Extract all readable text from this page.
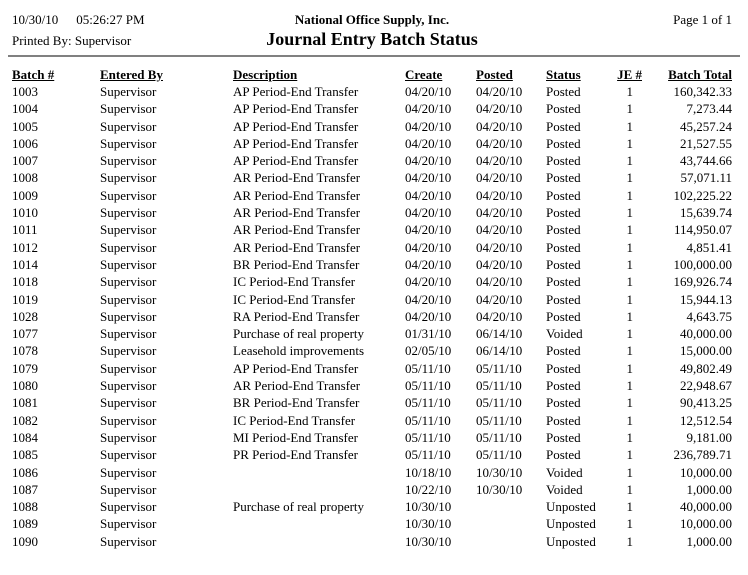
10/30/10 05:26:27 PM	National Office Supply, Inc.	Page 1 of 1
Printed By: Supervisor	Journal Entry Batch Status
Batch #	Entered By	Description	Create	Posted	Status	JE #	Batch Total
1003	Supervisor	AP Period-End Transfer	04/20/10	04/20/10	Posted	1	160,342.33
1004	Supervisor	AP Period-End Transfer	04/20/10	04/20/10	Posted	1	7,273.44
1005	Supervisor	AP Period-End Transfer	04/20/10	04/20/10	Posted	1	45,257.24
1006	Supervisor	AP Period-End Transfer	04/20/10	04/20/10	Posted	1	21,527.55
1007	Supervisor	AP Period-End Transfer	04/20/10	04/20/10	Posted	1	43,744.66
1008	Supervisor	AR Period-End Transfer	04/20/10	04/20/10	Posted	1	57,071.11
1009	Supervisor	AR Period-End Transfer	04/20/10	04/20/10	Posted	1	102,225.22
1010	Supervisor	AR Period-End Transfer	04/20/10	04/20/10	Posted	1	15,639.74
1011	Supervisor	AR Period-End Transfer	04/20/10	04/20/10	Posted	1	114,950.07
1012	Supervisor	AR Period-End Transfer	04/20/10	04/20/10	Posted	1	4,851.41
1014	Supervisor	BR Period-End Transfer	04/20/10	04/20/10	Posted	1	100,000.00
1018	Supervisor	IC Period-End Transfer	04/20/10	04/20/10	Posted	1	169,926.74
1019	Supervisor	IC Period-End Transfer	04/20/10	04/20/10	Posted	1	15,944.13
1028	Supervisor	RA Period-End Transfer	04/20/10	04/20/10	Posted	1	4,643.75
1077	Supervisor	Purchase of real property	01/31/10	06/14/10	Voided	1	40,000.00
1078	Supervisor	Leasehold improvements	02/05/10	06/14/10	Posted	1	15,000.00
1079	Supervisor	AP Period-End Transfer	05/11/10	05/11/10	Posted	1	49,802.49
1080	Supervisor	AR Period-End Transfer	05/11/10	05/11/10	Posted	1	22,948.67
1081	Supervisor	BR Period-End Transfer	05/11/10	05/11/10	Posted	1	90,413.25
1082	Supervisor	IC Period-End Transfer	05/11/10	05/11/10	Posted	1	12,512.54
1084	Supervisor	MI Period-End Transfer	05/11/10	05/11/10	Posted	1	9,181.00
1085	Supervisor	PR Period-End Transfer	05/11/10	05/11/10	Posted	1	236,789.71
1086	Supervisor		10/18/10	10/30/10	Voided	1	10,000.00
1087	Supervisor		10/22/10	10/30/10	Voided	1	1,000.00
1088	Supervisor	Purchase of real property	10/30/10		Unposted	1	40,000.00
1089	Supervisor		10/30/10		Unposted	1	10,000.00
1090	Supervisor		10/30/10		Unposted	1	1,000.00
